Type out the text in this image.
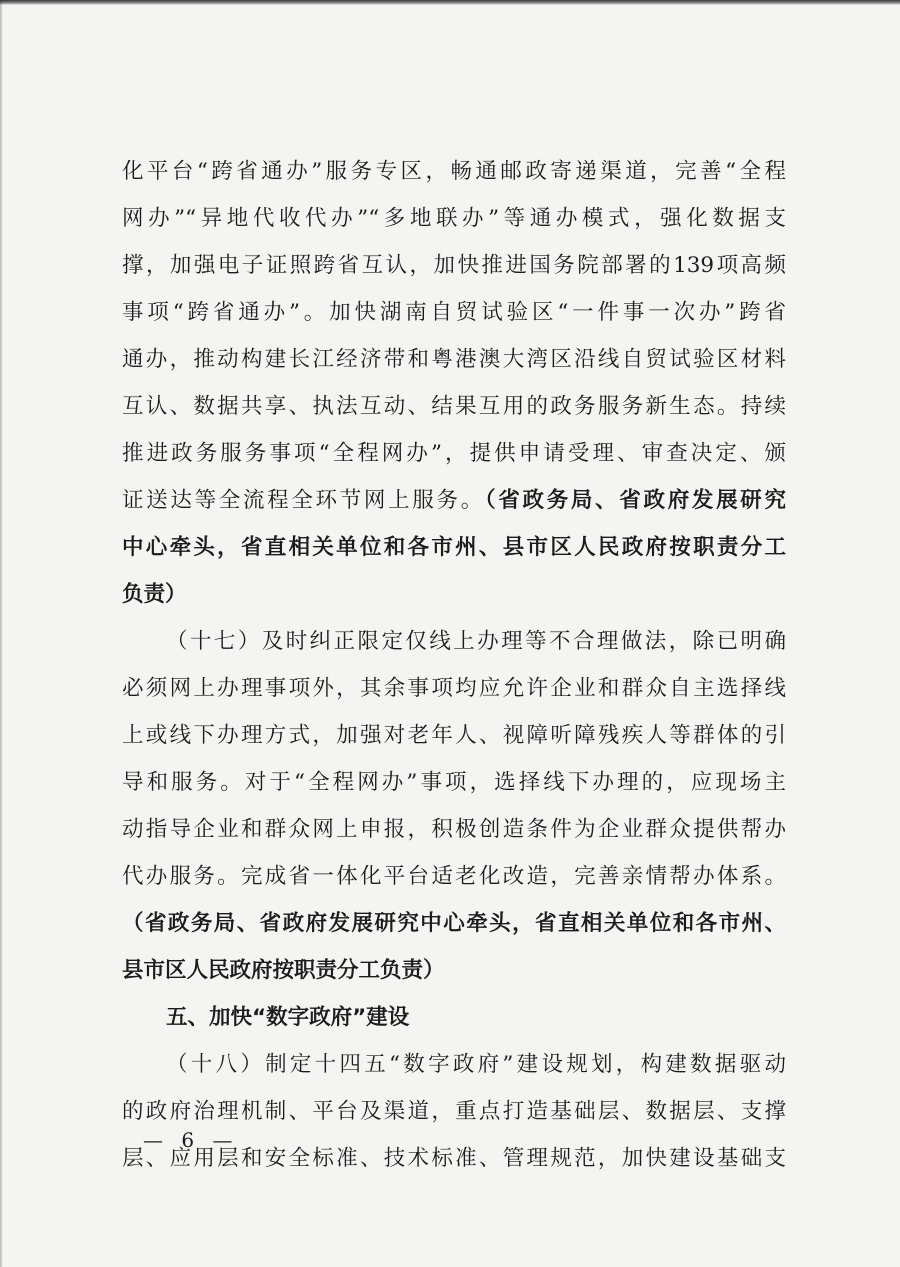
化平台“跨省通办”服务专区，畅通邮政寄递渠道，完善“全程
网办”“异地代收代办”“多地联办”等通办模式，强化数据支
撑，加强电子证照跨省互认，加快推进国务院部署的139项高频
事项“跨省通办”。加快湖南自贸试验区“一件事一次办”跨省
通办，推动构建长江经济带和粤港澳大湾区沿线自贸试验区材料
互认、数据共享、执法互动、结果互用的政务服务新生态。持续
推进政务服务事项“全程网办”，提供申请受理、审查决定、颁
证送达等全流程全环节网上服务。（省政务局、省政府发展研究
中心牵头，省直相关单位和各市州、县市区人民政府按职责分工
负责）
（十七）及时纠正限定仅线上办理等不合理做法，除已明确
必须网上办理事项外，其余事项均应允许企业和群众自主选择线
上或线下办理方式，加强对老年人、视障听障残疾人等群体的引
导和服务。对于“全程网办”事项，选择线下办理的，应现场主
动指导企业和群众网上申报，积极创造条件为企业群众提供帮办
代办服务。完成省一体化平台适老化改造，完善亲情帮办体系。
（省政务局、省政府发展研究中心牵头，省直相关单位和各市州、
县市区人民政府按职责分工负责）
五、加快“数字政府”建设
（十八）制定十四五“数字政府”建设规划，构建数据驱动
的政府治理机制、平台及渠道，重点打造基础层、数据层、支撑
层、应用层和安全标准、技术标准、管理规范，加快建设基础支
— 6 —
